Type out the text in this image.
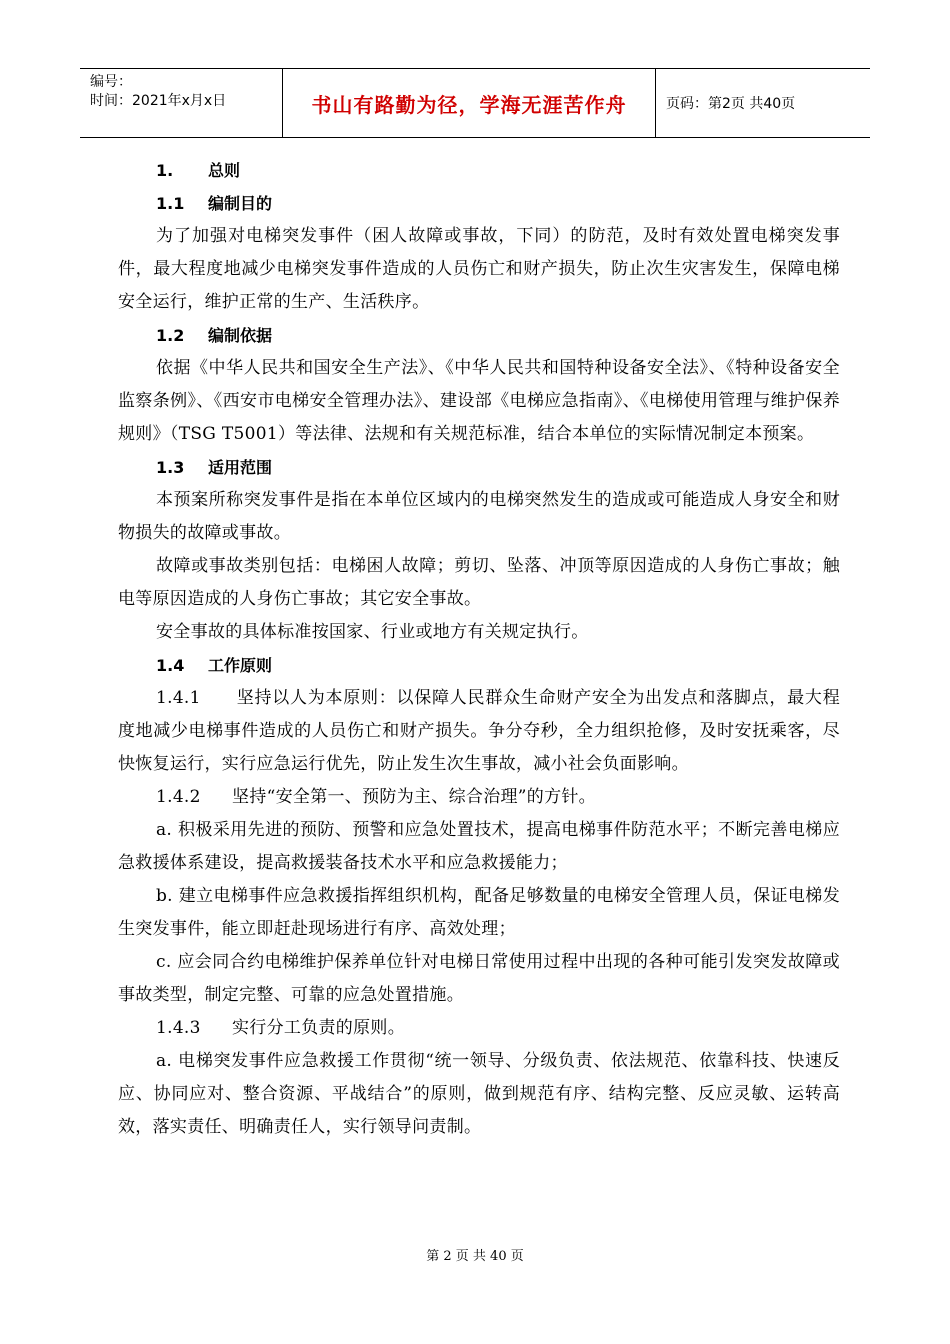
编号：
时间：2021年x月x日	书山有路勤为径，学海无涯苦作舟	页码：第2页 共40页
1. 总则
1.1 编制目的
为了加强对电梯突发事件（困人故障或事故，下同）的防范，及时有效处置电梯突发事件，最大程度地减少电梯突发事件造成的人员伤亡和财产损失，防止次生灾害发生，保障电梯安全运行，维护正常的生产、生活秩序。
1.2 编制依据
依据《中华人民共和国安全生产法》、《中华人民共和国特种设备安全法》、《特种设备安全监察条例》、《西安市电梯安全管理办法》、建设部《电梯应急指南》、《电梯使用管理与维护保养规则》（TSG T5001）等法律、法规和有关规范标准，结合本单位的实际情况制定本预案。
1.3 适用范围
本预案所称突发事件是指在本单位区域内的电梯突然发生的造成或可能造成人身安全和财物损失的故障或事故。
故障或事故类别包括：电梯困人故障；剪切、坠落、冲顶等原因造成的人身伤亡事故；触电等原因造成的人身伤亡事故；其它安全事故。
安全事故的具体标准按国家、行业或地方有关规定执行。
1.4 工作原则
1.4.1　　坚持以人为本原则：以保障人民群众生命财产安全为出发点和落脚点，最大程度地减少电梯事件造成的人员伤亡和财产损失。争分夺秒，全力组织抢修，及时安抚乘客，尽快恢复运行，实行应急运行优先，防止发生次生事故，减小社会负面影响。
1.4.2 坚持“安全第一、预防为主、综合治理”的方针。
a. 积极采用先进的预防、预警和应急处置技术，提高电梯事件防范水平；不断完善电梯应急救援体系建设，提高救援装备技术水平和应急救援能力；
b. 建立电梯事件应急救援指挥组织机构，配备足够数量的电梯安全管理人员，保证电梯发生突发事件，能立即赶赴现场进行有序、高效处理；
c. 应会同合约电梯维护保养单位针对电梯日常使用过程中出现的各种可能引发突发故障或事故类型，制定完整、可靠的应急处置措施。
1.4.3 实行分工负责的原则。
a. 电梯突发事件应急救援工作贯彻“统一领导、分级负责、依法规范、依靠科技、快速反应、协同应对、整合资源、平战结合”的原则，做到规范有序、结构完整、反应灵敏、运转高效，落实责任、明确责任人，实行领导问责制。
第 2 页 共 40 页
